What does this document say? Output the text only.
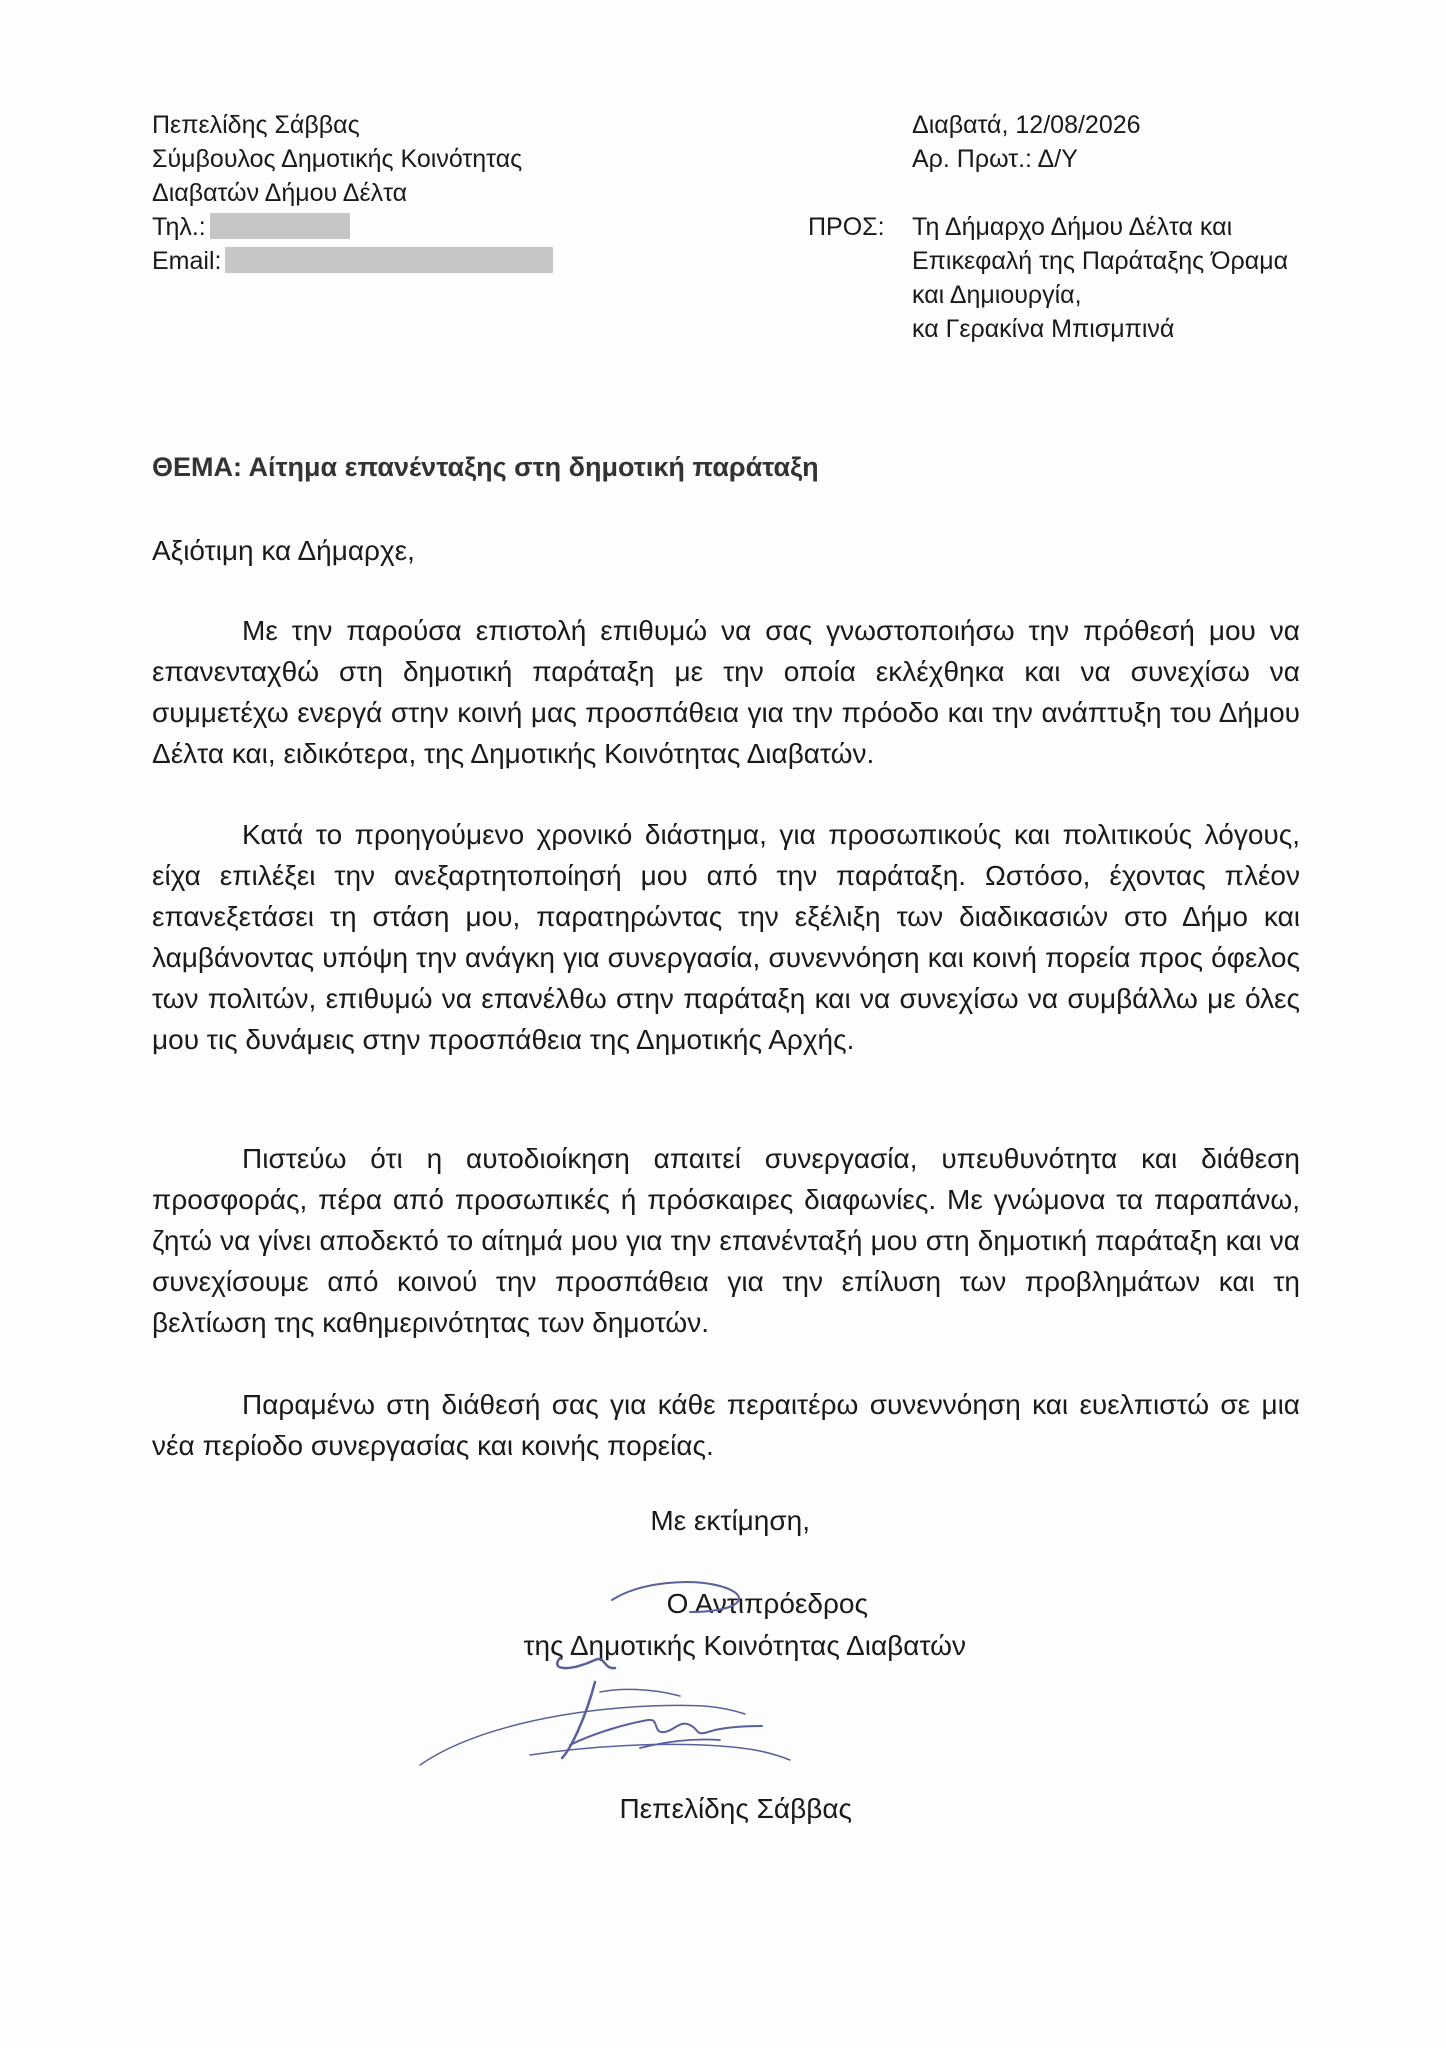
Πεπελίδης Σάββας
Σύμβουλος Δημοτικής Κοινότητας
Διαβατών Δήμου Δέλτα
Τηλ.:
Email:
Διαβατά, 12/08/2026
Αρ. Πρωτ.: Δ/Υ
ΠΡΟΣ: Τη Δήμαρχο Δήμου Δέλτα και
Επικεφαλή της Παράταξης Όραμα
και Δημιουργία,
κα Γερακίνα Μπισμπινά
ΘΕΜΑ: Αίτημα επανένταξης στη δημοτική παράταξη
Αξιότιμη κα Δήμαρχε,

Με την παρούσα επιστολή επιθυμώ να σας γνωστοποιήσω την πρόθεσή μου να επανενταχθώ στη δημοτική παράταξη με την οποία εκλέχθηκα και να συνεχίσω να συμμετέχω ενεργά στην κοινή μας προσπάθεια για την πρόοδο και την ανάπτυξη του Δήμου Δέλτα και, ειδικότερα, της Δημοτικής Κοινότητας Διαβατών.

Κατά το προηγούμενο χρονικό διάστημα, για προσωπικούς και πολιτικούς λόγους, είχα επιλέξει την ανεξαρτητοποίησή μου από την παράταξη. Ωστόσο, έχοντας πλέον επανεξετάσει τη στάση μου, παρατηρώντας την εξέλιξη των διαδικασιών στο Δήμο και λαμβάνοντας υπόψη την ανάγκη για συνεργασία, συνεννόηση και κοινή πορεία προς όφελος των πολιτών, επιθυμώ να επανέλθω στην παράταξη και να συνεχίσω να συμβάλλω με όλες μου τις δυνάμεις στην προσπάθεια της Δημοτικής Αρχής.

Πιστεύω ότι η αυτοδιοίκηση απαιτεί συνεργασία, υπευθυνότητα και διάθεση προσφοράς, πέρα από προσωπικές ή πρόσκαιρες διαφωνίες. Με γνώμονα τα παραπάνω, ζητώ να γίνει αποδεκτό το αίτημά μου για την επανένταξή μου στη δημοτική παράταξη και να συνεχίσουμε από κοινού την προσπάθεια για την επίλυση των προβλημάτων και τη βελτίωση της καθημερινότητας των δημοτών.

Παραμένω στη διάθεσή σας για κάθε περαιτέρω συνεννόηση και ευελπιστώ σε μια νέα περίοδο συνεργασίας και κοινής πορείας.

Με εκτίμηση,
Ο Αντιπρόεδρος
της Δημοτικής Κοινότητας Διαβατών
Πεπελίδης Σάββας
